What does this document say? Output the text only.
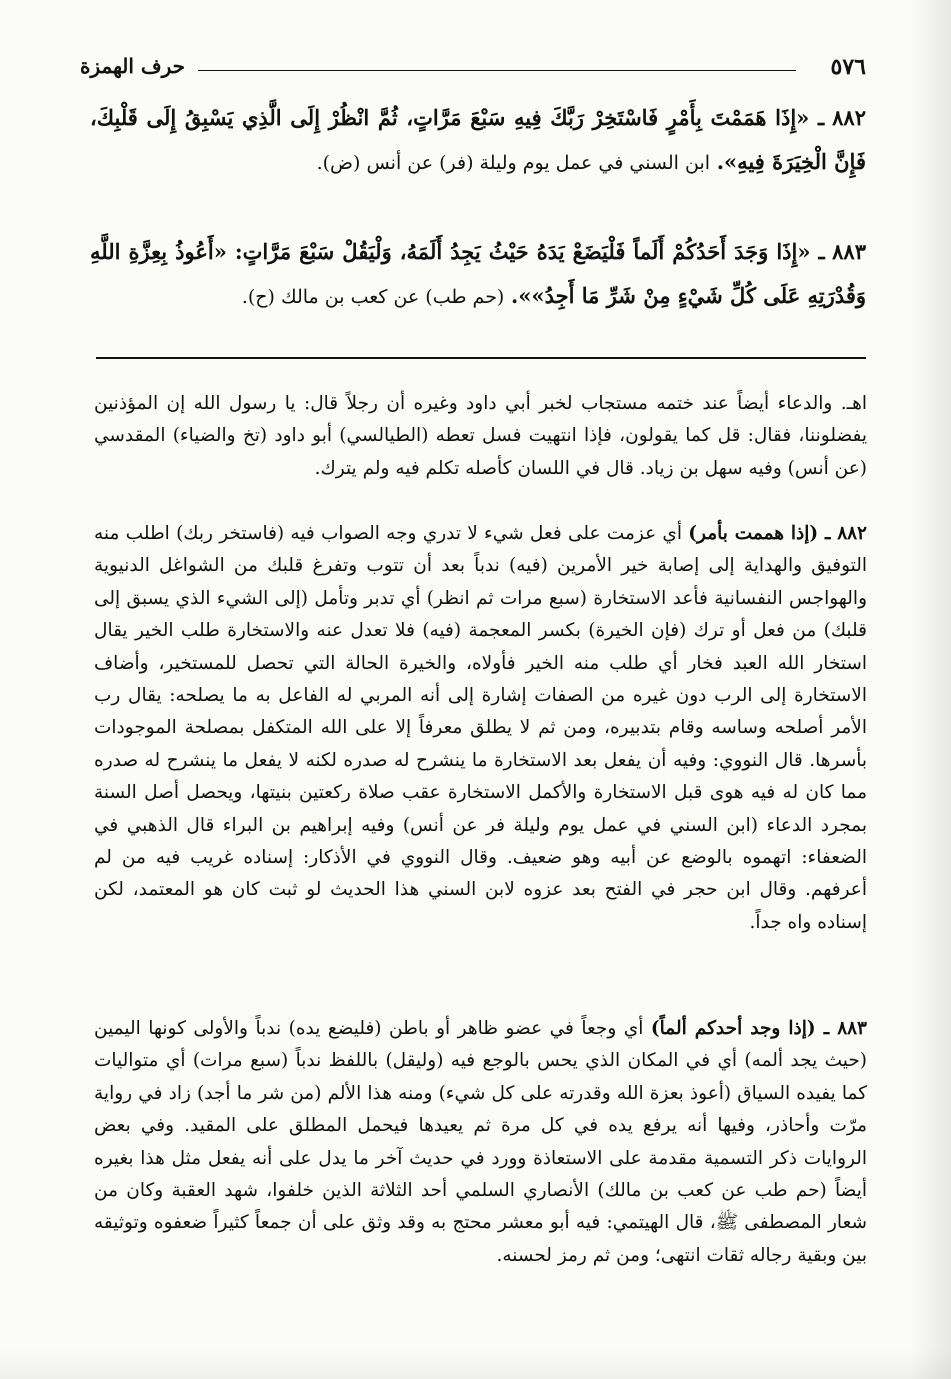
٥٧٦
حرف الهمزة

٨٨٢ ـ «إِذَا هَمَمْتَ بِأَمْرٍ فَاسْتَخِرْ رَبَّكَ فِيهِ سَبْعَ مَرَّاتٍ، ثُمَّ انْظُرْ إِلَى الَّذِي يَسْبِقُ إِلَى قَلْبِكَ، فَإِنَّ الْخِيَرَةَ فِيهِ». ابن السني في عمل يوم وليلة (فر) عن أنس (ض).

٨٨٣ ـ «إِذَا وَجَدَ أَحَدُكُمْ أَلَماً فَلْيَضَعْ يَدَهُ حَيْثُ يَجِدُ أَلَمَهُ، وَلْيَقُلْ سَبْعَ مَرَّاتٍ: «أَعُوذُ بِعِزَّةِ اللَّهِ وَقُدْرَتِهِ عَلَى كُلِّ شَيْءٍ مِنْ شَرِّ مَا أَجِدُ»». (حم طب) عن كعب بن مالك (ح).

اهـ. والدعاء أيضاً عند ختمه مستجاب لخبر أبي داود وغيره أن رجلاً قال: يا رسول الله إن المؤذنين يفضلوننا، فقال: قل كما يقولون، فإذا انتهيت فسل تعطه (الطيالسي) أبو داود (تخ والضياء) المقدسي (عن أنس) وفيه سهل بن زياد. قال في اللسان كأصله تكلم فيه ولم يترك.

٨٨٢ ـ (إذا هممت بأمر) أي عزمت على فعل شيء لا تدري وجه الصواب فيه (فاستخر ربك) اطلب منه التوفيق والهداية إلى إصابة خير الأمرين (فيه) ندباً بعد أن تتوب وتفرغ قلبك من الشواغل الدنيوية والهواجس النفسانية فأعد الاستخارة (سبع مرات ثم انظر) أي تدبر وتأمل (إلى الشيء الذي يسبق إلى قلبك) من فعل أو ترك (فإن الخيرة) بكسر المعجمة (فيه) فلا تعدل عنه والاستخارة طلب الخير يقال استخار الله العبد فخار أي طلب منه الخير فأولاه، والخيرة الحالة التي تحصل للمستخير، وأضاف الاستخارة إلى الرب دون غيره من الصفات إشارة إلى أنه المربي له الفاعل به ما يصلحه: يقال رب الأمر أصلحه وساسه وقام بتدبيره، ومن ثم لا يطلق معرفاً إلا على الله المتكفل بمصلحة الموجودات بأسرها. قال النووي: وفيه أن يفعل بعد الاستخارة ما ينشرح له صدره لكنه لا يفعل ما ينشرح له صدره مما كان له فيه هوى قبل الاستخارة والأكمل الاستخارة عقب صلاة ركعتين بنيتها، ويحصل أصل السنة بمجرد الدعاء (ابن السني في عمل يوم وليلة فر عن أنس) وفيه إبراهيم بن البراء قال الذهبي في الضعفاء: اتهموه بالوضع عن أبيه وهو ضعيف. وقال النووي في الأذكار: إسناده غريب فيه من لم أعرفهم. وقال ابن حجر في الفتح بعد عزوه لابن السني هذا الحديث لو ثبت كان هو المعتمد، لكن إسناده واه جداً.

٨٨٣ ـ (إذا وجد أحدكم ألماً) أي وجعاً في عضو ظاهر أو باطن (فليضع يده) ندباً والأولى كونها اليمين (حيث يجد ألمه) أي في المكان الذي يحس بالوجع فيه (وليقل) باللفظ ندباً (سبع مرات) أي متواليات كما يفيده السياق (أعوذ بعزة الله وقدرته على كل شيء) ومنه هذا الألم (من شر ما أجد) زاد في رواية مرّت وأحاذر، وفيها أنه يرفع يده في كل مرة ثم يعيدها فيحمل المطلق على المقيد. وفي بعض الروايات ذكر التسمية مقدمة على الاستعاذة وورد في حديث آخر ما يدل على أنه يفعل مثل هذا بغيره أيضاً (حم طب عن كعب بن مالك) الأنصاري السلمي أحد الثلاثة الذين خلفوا، شهد العقبة وكان من شعار المصطفى ﷺ، قال الهيتمي: فيه أبو معشر محتج به وقد وثق على أن جمعاً كثيراً ضعفوه وتوثيقه بين وبقية رجاله ثقات انتهى؛ ومن ثم رمز لحسنه.
